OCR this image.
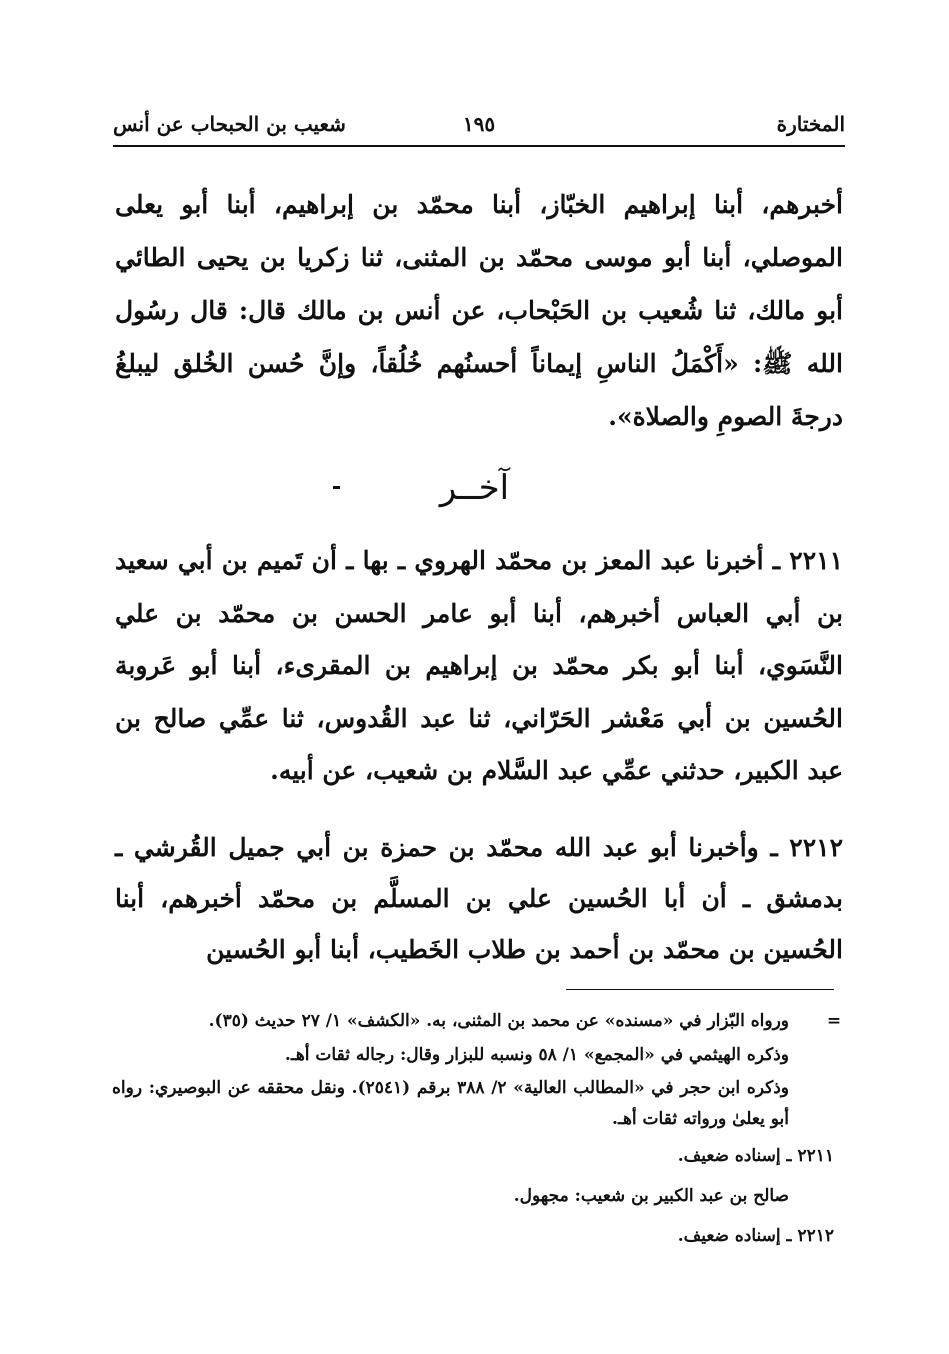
المختارة
١٩٥
شعيب بن الحبحاب عن أنس

أخبرهم، أبنا إبراهيم الخبّاز، أبنا محمّد بن إبراهيم، أبنا أبو يعلى الموصلي، أبنا أبو موسى محمّد بن المثنى، ثنا زكريا بن يحيى الطائي أبو مالك، ثنا شُعيب بن الحَبْحاب، عن أنس بن مالك قال: قال رسُول الله ﷺ: «أَكْمَلُ الناسِ إيماناً أحسنُهم خُلُقاً، وإنَّ حُسن الخُلق ليبلغُ درجةَ الصومِ والصلاة».

آخــر

٢٢١١ ـ أخبرنا عبد المعز بن محمّد الهروي ـ بها ـ أن تَميم بن أبي سعيد بن أبي العباس أخبرهم، أبنا أبو عامر الحسن بن محمّد بن علي النَّسَوي، أبنا أبو بكر محمّد بن إبراهيم بن المقرىء، أبنا أبو عَروبة الحُسين بن أبي مَعْشر الحَرّاني، ثنا عبد القُدوس، ثنا عمِّي صالح بن عبد الكبير، حدثني عمِّي عبد السَّلام بن شعيب، عن أبيه.

٢٢١٢ ـ وأخبرنا أبو عبد الله محمّد بن حمزة بن أبي جميل القُرشي ـ بدمشق ـ أن أبا الحُسين علي بن المسلَّم بن محمّد أخبرهم، أبنا الحُسين بن محمّد بن أحمد بن طلاب الخَطيب، أبنا أبو الحُسين

=

ورواه البّزار في «مسنده» عن محمد بن المثنى، به. «الكشف» ١/ ٢٧ حديث (٣٥).

وذكره الهيثمي في «المجمع» ١/ ٥٨ ونسبه للبزار وقال: رجاله ثقات أهـ.

وذكره ابن حجر في «المطالب العالية» ٢/ ٣٨٨ برقم (٢٥٤١). ونقل محققه عن البوصيري: رواه أبو يعلىٰ ورواته ثقات أهـ.

٢٢١١ ـ إسناده ضعيف.

صالح بن عبد الكبير بن شعيب: مجهول.

٢٢١٢ ـ إسناده ضعيف.
